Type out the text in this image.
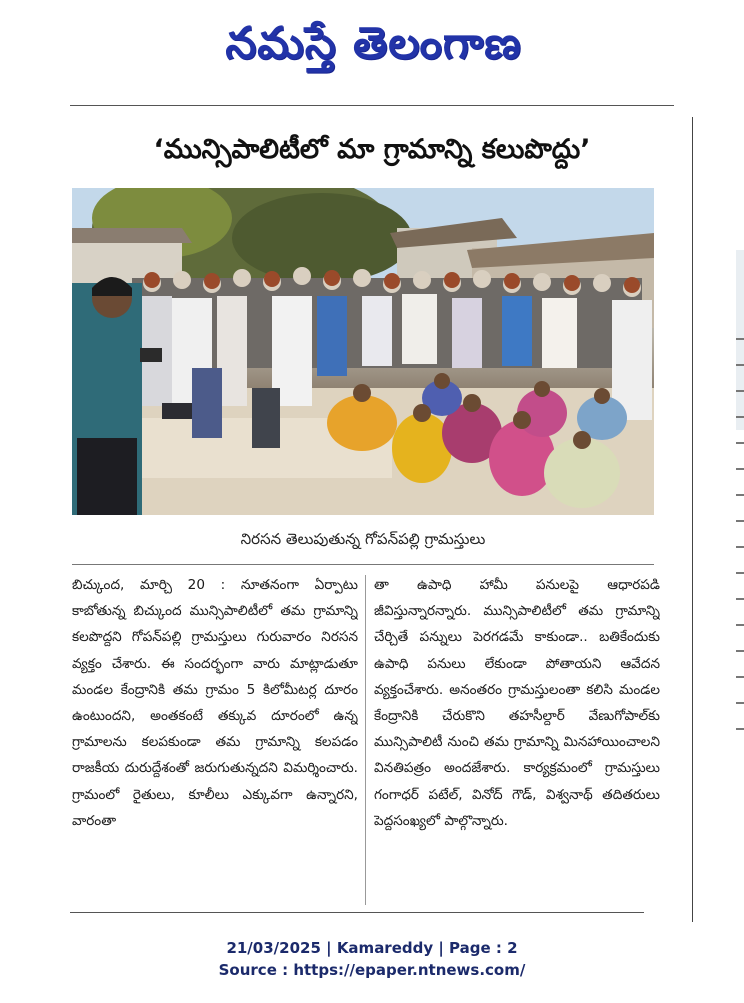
నమస్తే తెలంగాణ
‘మున్సిపాలిటీలో మా గ్రామాన్ని కలుపొద్దు’
నిరసన తెలుపుతున్న గోపన్‌పల్లి గ్రామస్తులు
బిచ్కుంద, మార్చి 20 : నూతనంగా ఏర్పాటు కాబోతున్న బిచ్కుంద మున్సిపాలిటీలో తమ గ్రామాన్ని కలపొద్దని గోపన్‌పల్లి గ్రామస్తులు గురువారం నిరసన వ్యక్తం చేశారు. ఈ సందర్భంగా వారు మాట్లాడుతూ మండల కేంద్రానికి తమ గ్రామం 5 కిలోమీటర్ల దూరం ఉంటుందని, అంతకంటే తక్కువ దూరంలో ఉన్న గ్రామాలను కలపకుండా తమ గ్రామాన్ని కలపడం రాజకీయ దురుద్దేశంతో జరుగుతున్నదని విమర్శించారు. గ్రామంలో రైతులు, కూలీలు ఎక్కువగా ఉన్నారని, వారంతా
తా ఉపాధి హామీ పనులపై ఆధారపడి జీవిస్తున్నారన్నారు. మున్సిపాలిటీలో తమ గ్రామాన్ని చేర్చితే పన్నులు పెరగడమే కాకుండా.. బతికేందుకు ఉపాధి పనులు లేకుండా పోతాయని ఆవేదన వ్యక్తంచేశారు. అనంతరం గ్రామస్తులంతా కలిసి మండల కేంద్రానికి చేరుకొని తహసీల్దార్ వేణుగోపాల్‌కు మున్సిపాలిటీ నుంచి తమ గ్రామాన్ని మినహాయించాలని వినతిపత్రం అందజేశారు. కార్యక్రమంలో గ్రామస్తులు గంగాధర్ పటేల్, వినోద్ గౌడ్, విశ్వనాథ్ తదితరులు పెద్దసంఖ్యలో పాల్గొన్నారు.
21/03/2025 | Kamareddy | Page : 2
Source : https://epaper.ntnews.com/
